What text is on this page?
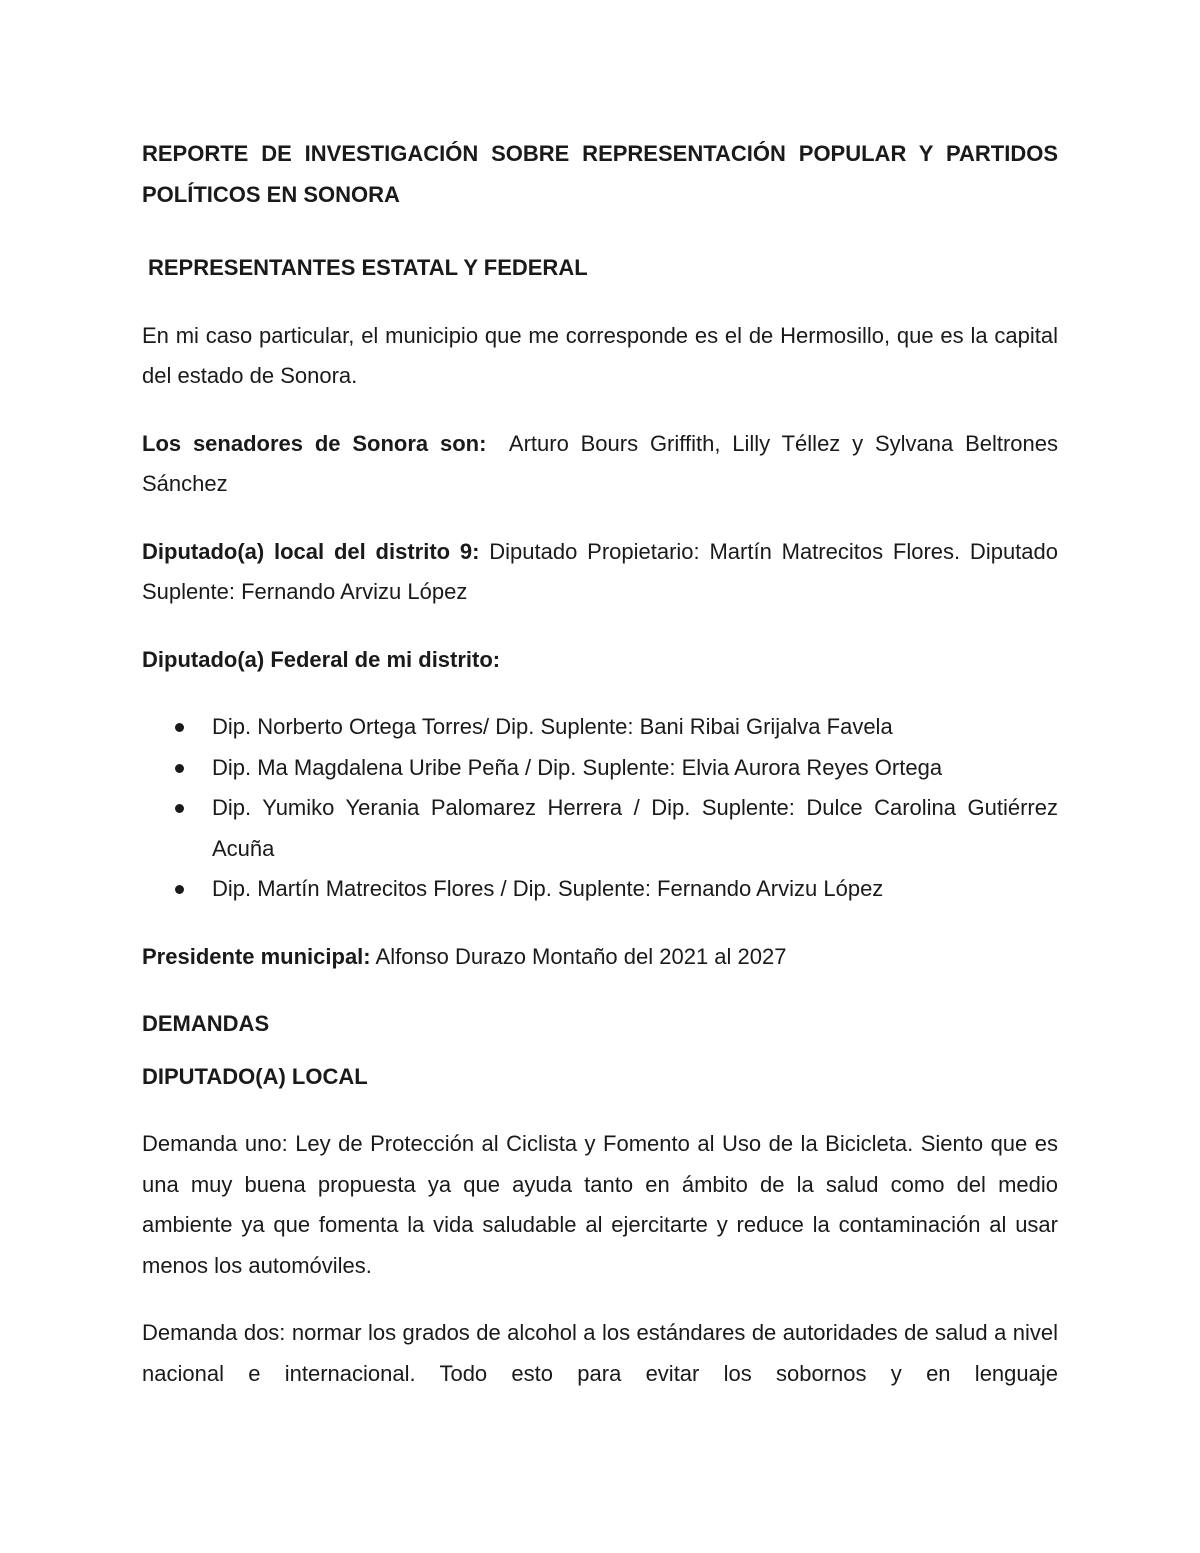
REPORTE DE INVESTIGACIÓN SOBRE REPRESENTACIÓN POPULAR Y PARTIDOS POLÍTICOS EN SONORA

REPRESENTANTES ESTATAL Y FEDERAL

En mi caso particular, el municipio que me corresponde es el de Hermosillo, que es la capital del estado de Sonora.

Los senadores de Sonora son: Arturo Bours Griffith, Lilly Téllez y Sylvana Beltrones Sánchez

Diputado(a) local del distrito 9: Diputado Propietario: Martín Matrecitos Flores. Diputado Suplente: Fernando Arvizu López

Diputado(a) Federal de mi distrito:

Dip. Norberto Ortega Torres/ Dip. Suplente: Bani Ribai Grijalva Favela
Dip. Ma Magdalena Uribe Peña / Dip. Suplente: Elvia Aurora Reyes Ortega
Dip. Yumiko Yerania Palomarez Herrera / Dip. Suplente: Dulce Carolina Gutiérrez Acuña
Dip. Martín Matrecitos Flores / Dip. Suplente: Fernando Arvizu López

Presidente municipal: Alfonso Durazo Montaño del 2021 al 2027

DEMANDAS

DIPUTADO(A) LOCAL

Demanda uno: Ley de Protección al Ciclista y Fomento al Uso de la Bicicleta. Siento que es una muy buena propuesta ya que ayuda tanto en ámbito de la salud como del medio ambiente ya que fomenta la vida saludable al ejercitarte y reduce la contaminación al usar menos los automóviles.

Demanda dos: normar los grados de alcohol a los estándares de autoridades de salud a nivel nacional e internacional. Todo esto para evitar los sobornos y en lenguaje
